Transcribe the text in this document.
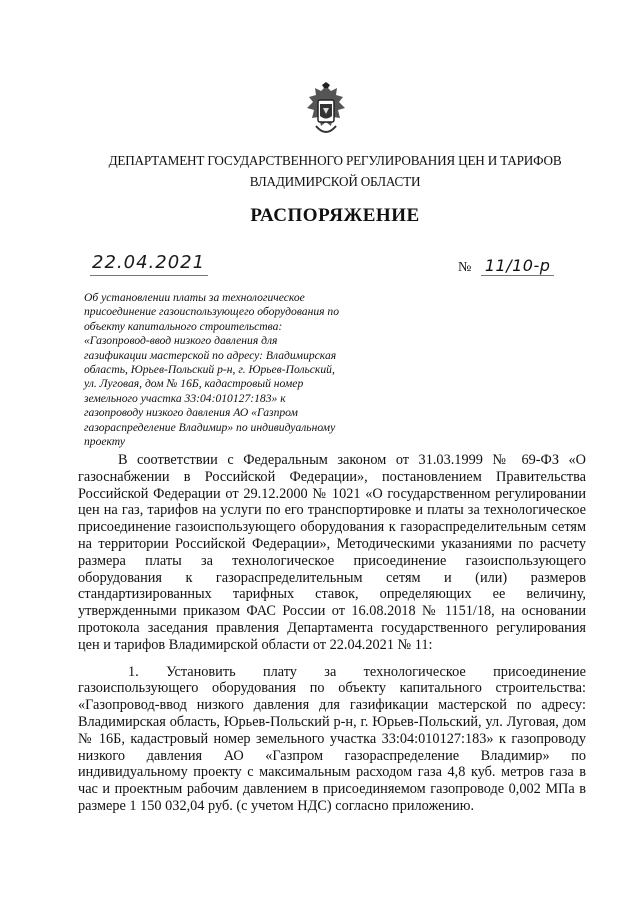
ДЕПАРТАМЕНТ ГОСУДАРСТВЕННОГО РЕГУЛИРОВАНИЯ ЦЕН И ТАРИФОВ
ВЛАДИМИРСКОЙ ОБЛАСТИ
РАСПОРЯЖЕНИЕ
22.04.2021	№ 11/10-р
Об установлении платы за технологическое
присоединение газоиспользующего оборудования по
объекту капитального строительства:
«Газопровод-ввод низкого давления для
газификации мастерской по адресу: Владимирская
область, Юрьев-Польский р-н, г. Юрьев-Польский,
ул. Луговая, дом № 16Б, кадастровый номер
земельного участка 33:04:010127:183» к
газопроводу низкого давления АО «Газпром
газораспределение Владимир» по индивидуальному
проекту

В соответствии с Федеральным законом от 31.03.1999 № 69-ФЗ «О газоснабжении в Российской Федерации», постановлением Правительства Российской Федерации от 29.12.2000 № 1021 «О государственном регулировании цен на газ, тарифов на услуги по его транспортировке и платы за технологическое присоединение газоиспользующего оборудования к газораспределительным сетям на территории Российской Федерации», Методическими указаниями по расчету размера платы за технологическое присоединение газоиспользующего оборудования к газораспределительным сетям и (или) размеров стандартизированных тарифных ставок, определяющих ее величину, утвержденными приказом ФАС России от 16.08.2018 № 1151/18, на основании протокола заседания правления Департамента государственного регулирования цен и тарифов Владимирской области от 22.04.2021 № 11:

1. Установить плату за технологическое присоединение газоиспользующего оборудования по объекту капитального строительства: «Газопровод-ввод низкого давления для газификации мастерской по адресу: Владимирская область, Юрьев-Польский р-н, г. Юрьев-Польский, ул. Луговая, дом № 16Б, кадастровый номер земельного участка 33:04:010127:183» к газопроводу низкого давления АО «Газпром газораспределение Владимир» по индивидуальному проекту с максимальным расходом газа 4,8 куб. метров газа в час и проектным рабочим давлением в присоединяемом газопроводе 0,002 МПа в размере 1 150 032,04 руб. (с учетом НДС) согласно приложению.
